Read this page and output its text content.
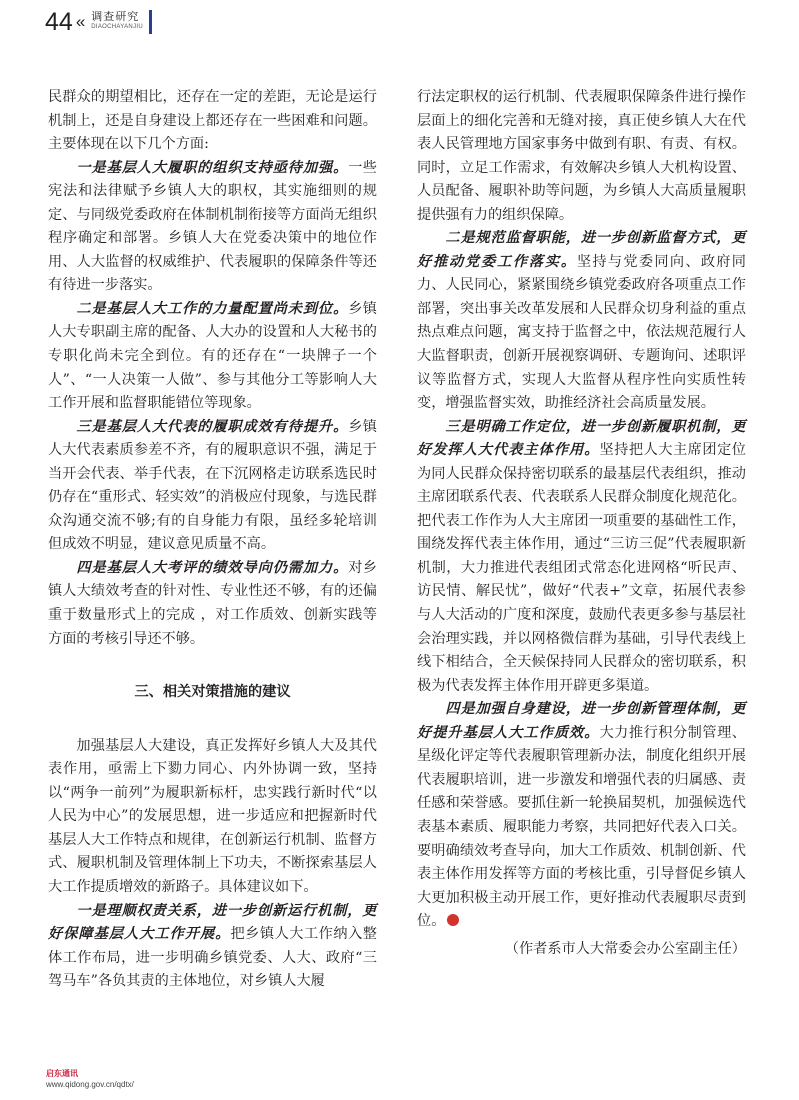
44 « 调查研究
DIAOCHAYANJIU

民群众的期望相比，还存在一定的差距，无论是运行机制上，还是自身建设上都还存在一些困难和问题。主要体现在以下几个方面:

一是基层人大履职的组织支持亟待加强。一些宪法和法律赋予乡镇人大的职权，其实施细则的规定、与同级党委政府在体制机制衔接等方面尚无组织程序确定和部署。乡镇人大在党委决策中的地位作用、人大监督的权威维护、代表履职的保障条件等还有待进一步落实。

二是基层人大工作的力量配置尚未到位。乡镇人大专职副主席的配备、人大办的设置和人大秘书的专职化尚未完全到位。有的还存在“一块牌子一个人”、“一人决策一人做”、参与其他分工等影响人大工作开展和监督职能错位等现象。

三是基层人大代表的履职成效有待提升。乡镇人大代表素质参差不齐，有的履职意识不强，满足于当开会代表、举手代表，在下沉网格走访联系选民时仍存在“重形式、轻实效”的消极应付现象，与选民群众沟通交流不够;有的自身能力有限，虽经多轮培训但成效不明显，建议意见质量不高。

四是基层人大考评的绩效导向仍需加力。对乡镇人大绩效考查的针对性、专业性还不够，有的还偏重于数量形式上的完成 ，对工作质效、创新实践等方面的考核引导还不够。

三、相关对策措施的建议

加强基层人大建设，真正发挥好乡镇人大及其代表作用，亟需上下勠力同心、内外协调一致，坚持以“两争一前列”为履职新标杆，忠实践行新时代“以人民为中心”的发展思想，进一步适应和把握新时代基层人大工作特点和规律，在创新运行机制、监督方式、履职机制及管理体制上下功夫，不断探索基层人大工作提质增效的新路子。具体建议如下。

一是理顺权责关系，进一步创新运行机制，更好保障基层人大工作开展。把乡镇人大工作纳入整体工作布局，进一步明确乡镇党委、人大、政府“三驾马车”各负其责的主体地位，对乡镇人大履

行法定职权的运行机制、代表履职保障条件进行操作层面上的细化完善和无缝对接，真正使乡镇人大在代表人民管理地方国家事务中做到有职、有责、有权。同时，立足工作需求，有效解决乡镇人大机构设置、人员配备、履职补助等问题，为乡镇人大高质量履职提供强有力的组织保障。

二是规范监督职能，进一步创新监督方式，更好推动党委工作落实。坚持与党委同向、政府同力、人民同心，紧紧围绕乡镇党委政府各项重点工作部署，突出事关改革发展和人民群众切身利益的重点热点难点问题，寓支持于监督之中，依法规范履行人大监督职责，创新开展视察调研、专题询问、述职评议等监督方式，实现人大监督从程序性向实质性转变，增强监督实效，助推经济社会高质量发展。

三是明确工作定位，进一步创新履职机制，更好发挥人大代表主体作用。坚持把人大主席团定位为同人民群众保持密切联系的最基层代表组织，推动主席团联系代表、代表联系人民群众制度化规范化。把代表工作作为人大主席团一项重要的基础性工作，围绕发挥代表主体作用，通过“三访三促”代表履职新机制，大力推进代表组团式常态化进网格“听民声、访民情、解民忧”，做好“代表+”文章，拓展代表参与人大活动的广度和深度，鼓励代表更多参与基层社会治理实践，并以网格微信群为基础，引导代表线上线下相结合，全天候保持同人民群众的密切联系，积极为代表发挥主体作用开辟更多渠道。

四是加强自身建设，进一步创新管理体制，更好提升基层人大工作质效。大力推行积分制管理、星级化评定等代表履职管理新办法，制度化组织开展代表履职培训，进一步激发和增强代表的归属感、责任感和荣誉感。要抓住新一轮换届契机，加强候选代表基本素质、履职能力考察，共同把好代表入口关。要明确绩效考查导向，加大工作质效、机制创新、代表主体作用发挥等方面的考核比重，引导督促乡镇人大更加积极主动开展工作，更好推动代表履职尽责到位。

（作者系市人大常委会办公室副主任）

启东通讯
www.qidong.gov.cn/qdtx/
